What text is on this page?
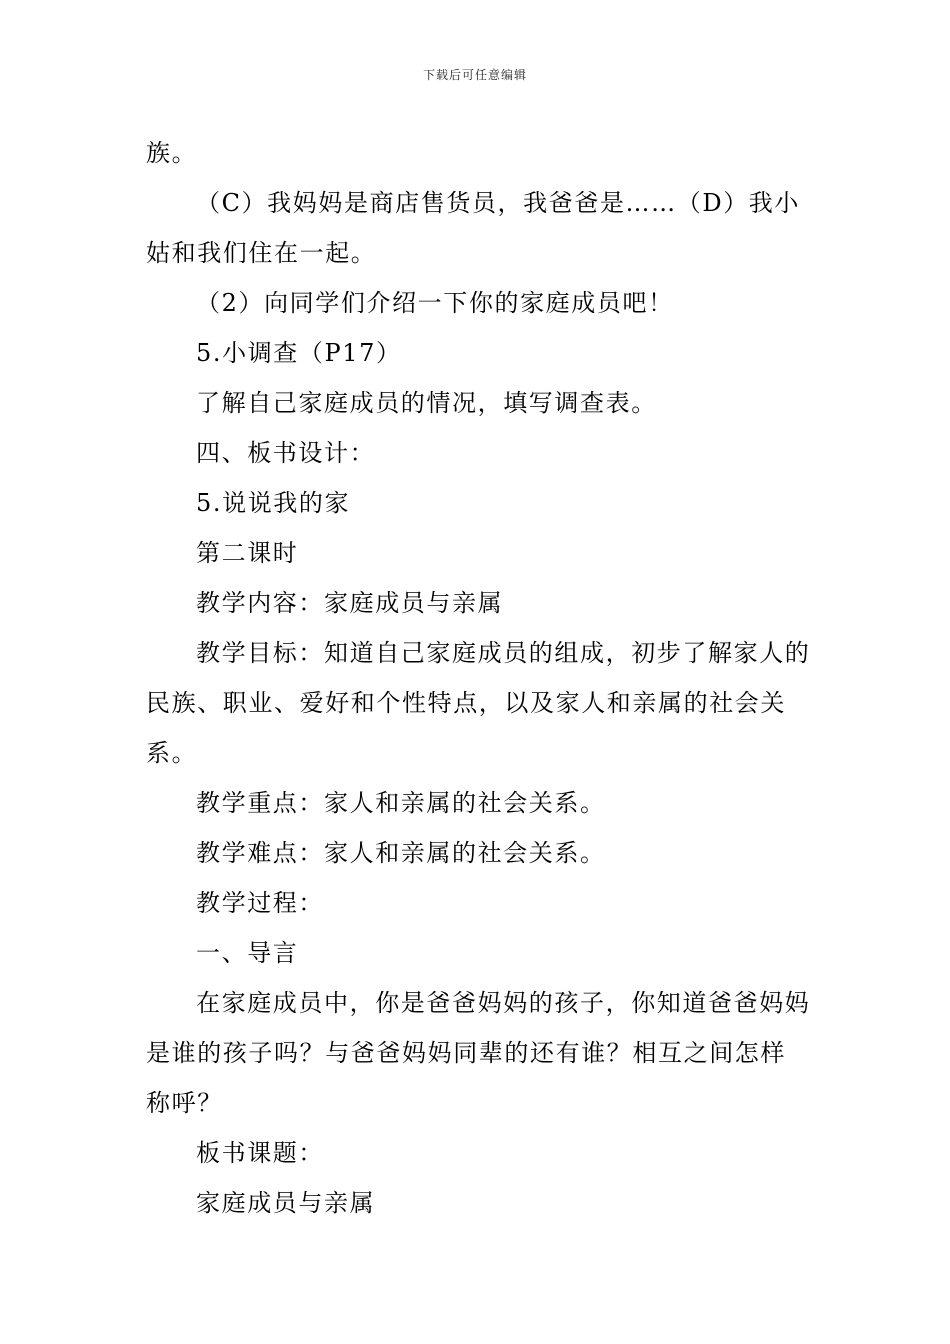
下载后可任意编辑

族。

（C）我妈妈是商店售货员，我爸爸是……（D）我小姑和我们住在一起。

（2）向同学们介绍一下你的家庭成员吧！

5.小调查（P17）

了解自己家庭成员的情况，填写调查表。

四、板书设计：

5.说说我的家

第二课时

教学内容：家庭成员与亲属

教学目标：知道自己家庭成员的组成，初步了解家人的民族、职业、爱好和个性特点，以及家人和亲属的社会关系。

教学重点：家人和亲属的社会关系。

教学难点：家人和亲属的社会关系。

教学过程：

一、导言

在家庭成员中，你是爸爸妈妈的孩子，你知道爸爸妈妈是谁的孩子吗？与爸爸妈妈同辈的还有谁？相互之间怎样称呼？

板书课题：

家庭成员与亲属
